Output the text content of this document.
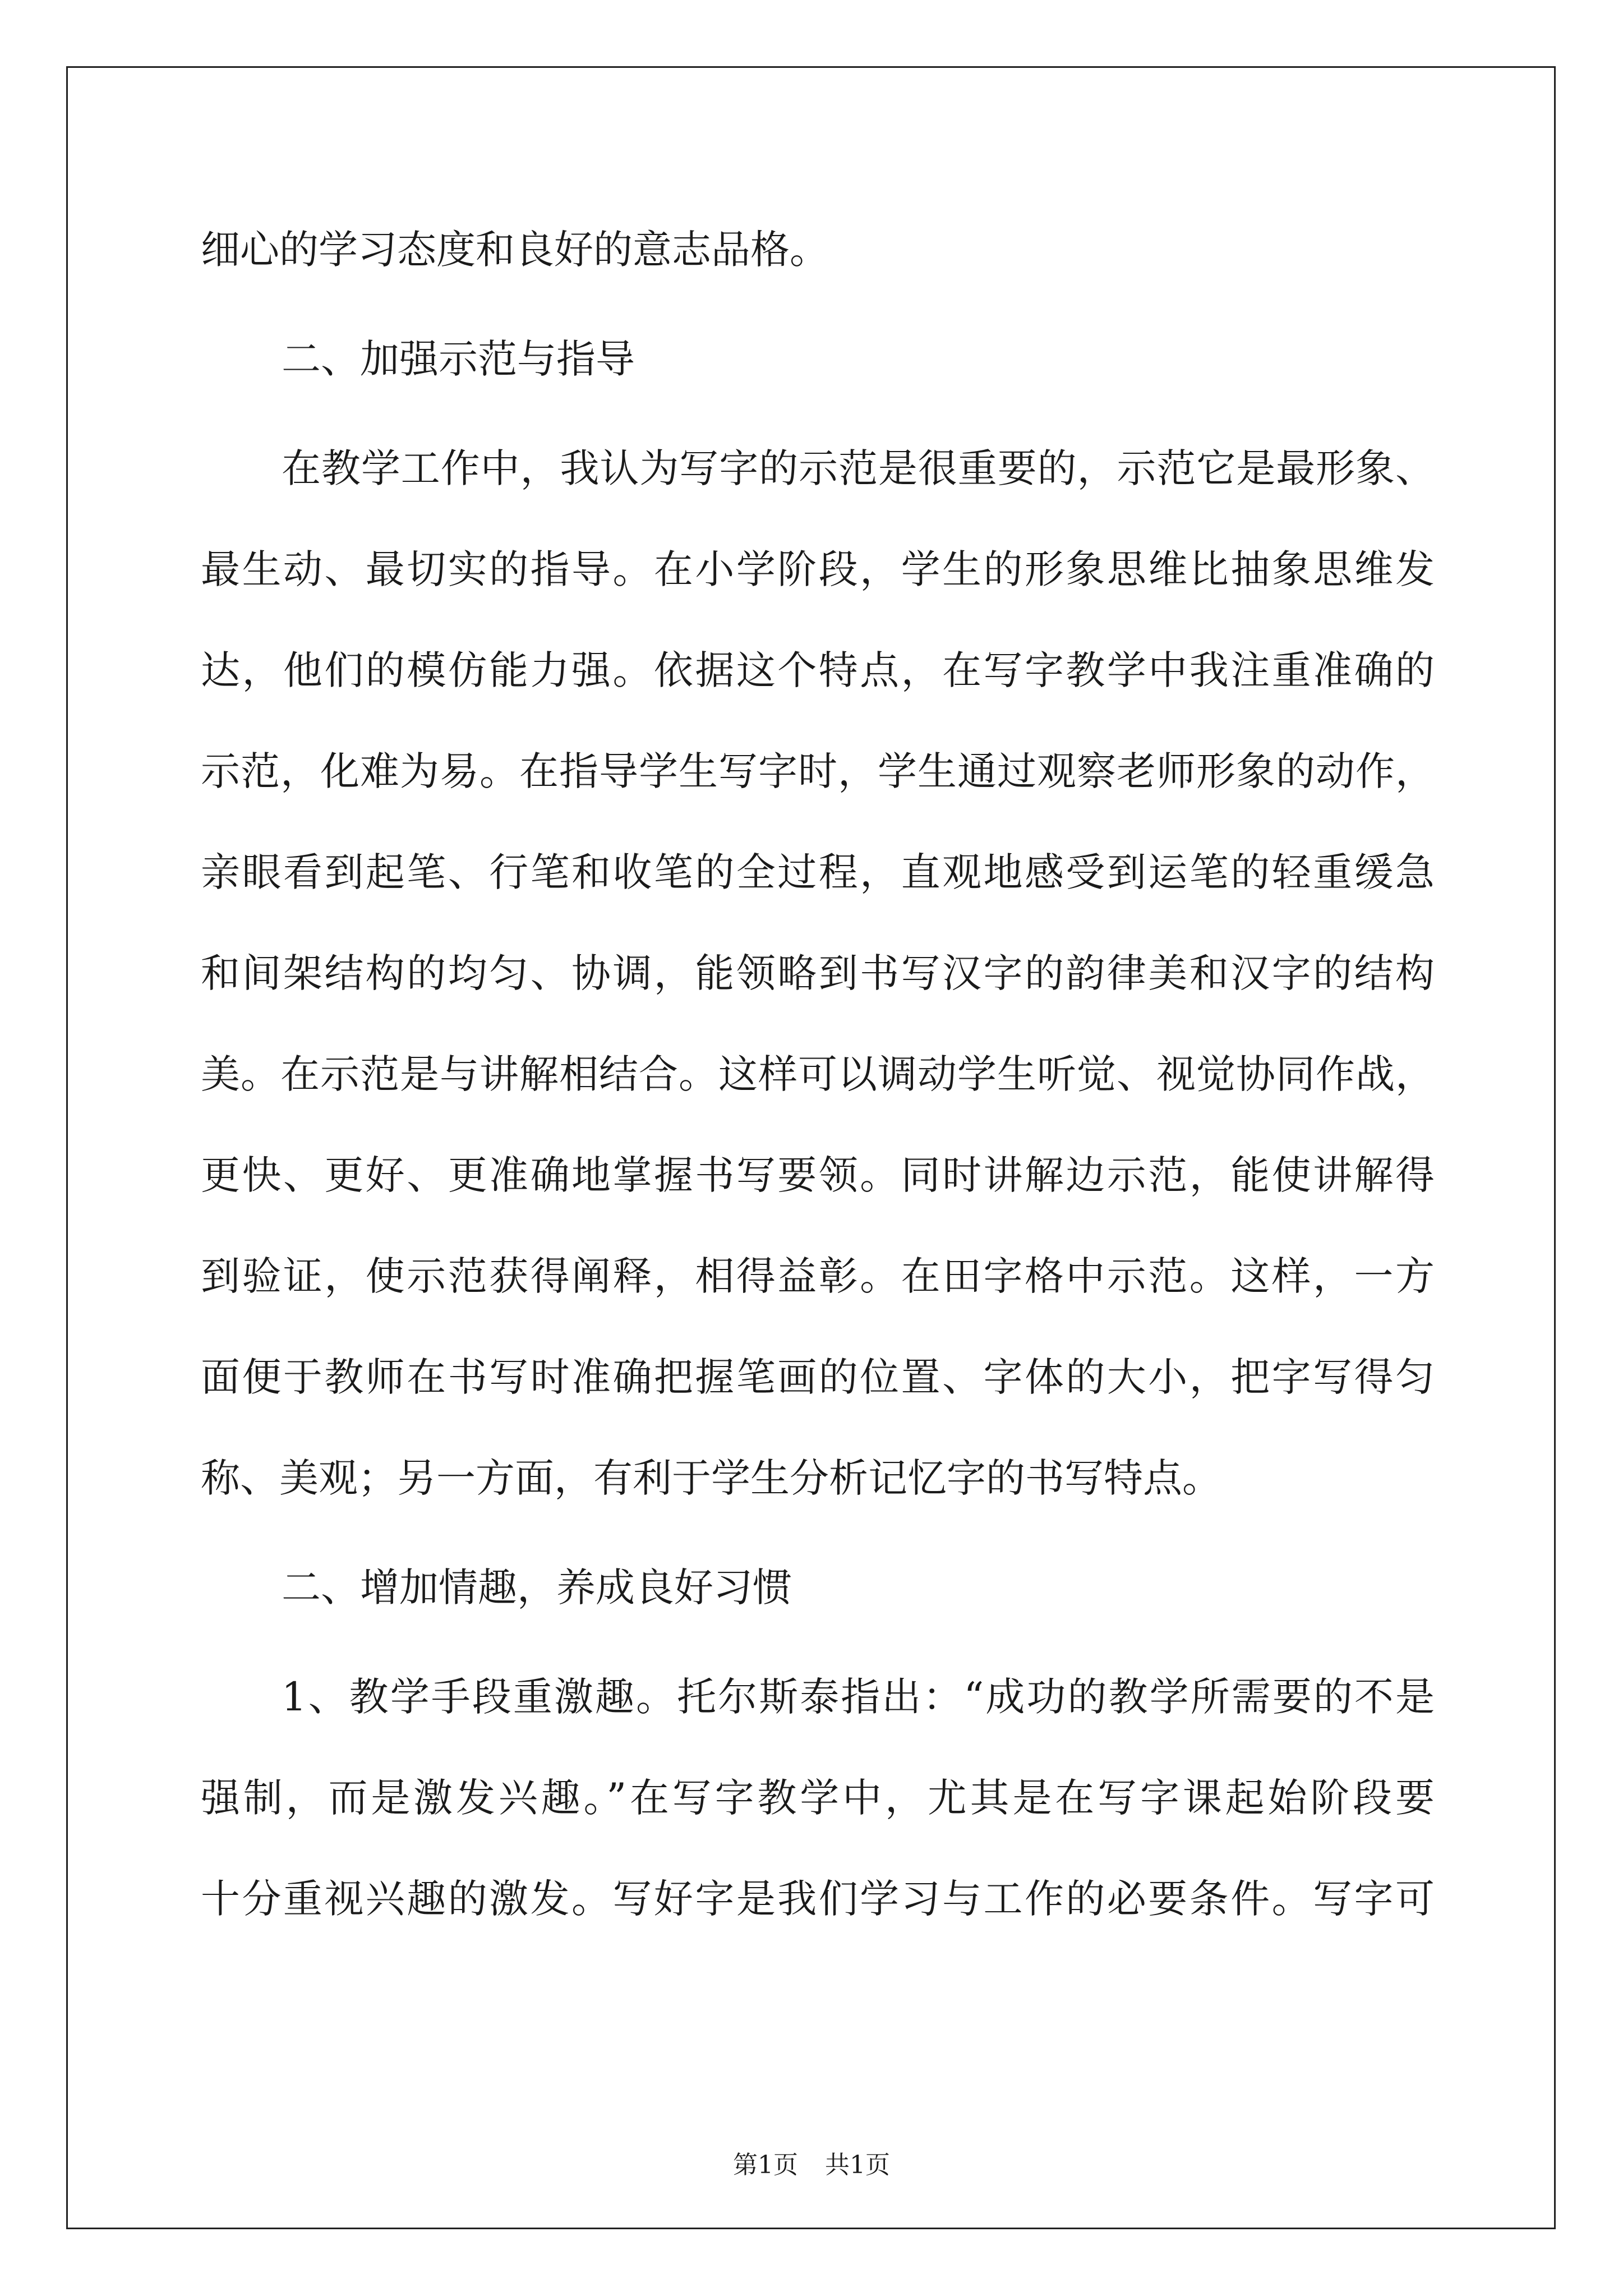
细心的学习态度和良好的意志品格。

二、加强示范与指导

在教学工作中，我认为写字的示范是很重要的，示范它是最形象、

最生动、最切实的指导。在小学阶段，学生的形象思维比抽象思维发

达，他们的模仿能力强。依据这个特点，在写字教学中我注重准确的

示范，化难为易。在指导学生写字时，学生通过观察老师形象的动作，

亲眼看到起笔、行笔和收笔的全过程，直观地感受到运笔的轻重缓急

和间架结构的均匀、协调，能领略到书写汉字的韵律美和汉字的结构

美。在示范是与讲解相结合。这样可以调动学生听觉、视觉协同作战，

更快、更好、更准确地掌握书写要领。同时讲解边示范，能使讲解得

到验证，使示范获得阐释，相得益彰。在田字格中示范。这样，一方

面便于教师在书写时准确把握笔画的位置、字体的大小，把字写得匀

称、美观；另一方面，有利于学生分析记忆字的书写特点。

二、增加情趣，养成良好习惯

1、教学手段重激趣。托尔斯泰指出：“成功的教学所需要的不是

强制，而是激发兴趣。”在写字教学中，尤其是在写字课起始阶段要

十分重视兴趣的激发。写好字是我们学习与工作的必要条件。写字可

第1页 共1页
